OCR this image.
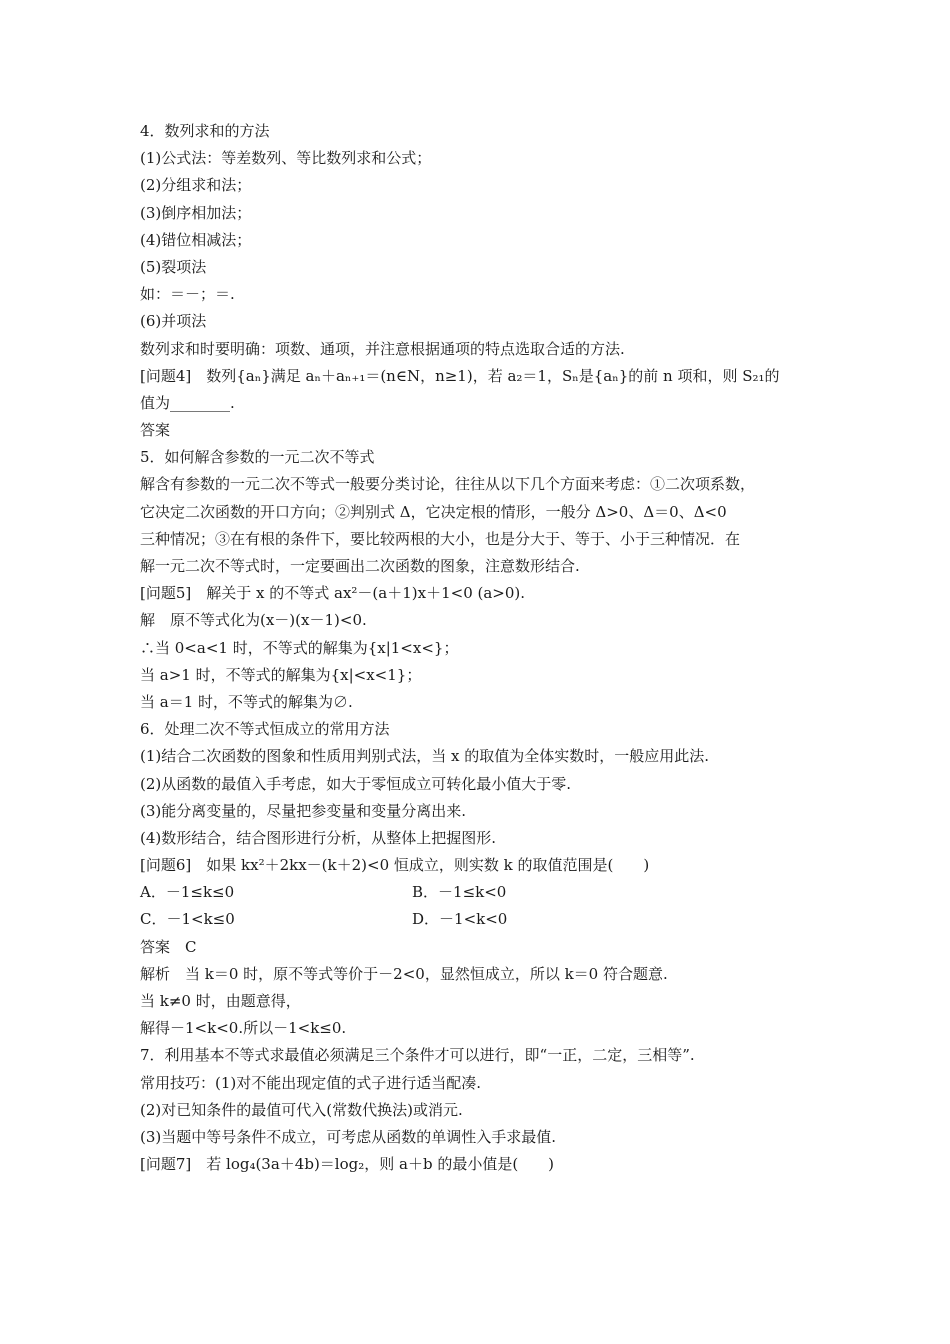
4．数列求和的方法
(1)公式法：等差数列、等比数列求和公式；
(2)分组求和法；
(3)倒序相加法；
(4)错位相减法；
(5)裂项法
如：＝－；＝.
(6)并项法
数列求和时要明确：项数、通项，并注意根据通项的特点选取合适的方法.
[问题4]　数列{aₙ}满足 aₙ＋aₙ₊₁＝(n∈N，n≥1)，若 a₂＝1，Sₙ是{aₙ}的前 n 项和，则 S₂₁的
值为________.
答案
5．如何解含参数的一元二次不等式
解含有参数的一元二次不等式一般要分类讨论，往往从以下几个方面来考虑：①二次项系数，
它决定二次函数的开口方向；②判别式 Δ，它决定根的情形，一般分 Δ>0、Δ＝0、Δ<0
三种情况；③在有根的条件下，要比较两根的大小，也是分大于、等于、小于三种情况．在
解一元二次不等式时，一定要画出二次函数的图象，注意数形结合.
[问题5]　解关于 x 的不等式 ax²－(a＋1)x＋1<0 (a>0).
解　原不等式化为(x－)(x－1)<0.
∴当 0<a<1 时，不等式的解集为{x|1<x<}；
当 a>1 时，不等式的解集为{x|<x<1}；
当 a＝1 时，不等式的解集为∅.
6．处理二次不等式恒成立的常用方法
(1)结合二次函数的图象和性质用判别式法，当 x 的取值为全体实数时，一般应用此法.
(2)从函数的最值入手考虑，如大于零恒成立可转化最小值大于零.
(3)能分离变量的，尽量把参变量和变量分离出来.
(4)数形结合，结合图形进行分析，从整体上把握图形.
[问题6]　如果 kx²＋2kx－(k＋2)<0 恒成立，则实数 k 的取值范围是(　　)
A．－1≤k≤0	B．－1≤k<0
C．－1<k≤0	D．－1<k<0
答案　C
解析　当 k＝0 时，原不等式等价于－2<0，显然恒成立，所以 k＝0 符合题意.
当 k≠0 时，由题意得，
解得－1<k<0.所以－1<k≤0.
7．利用基本不等式求最值必须满足三个条件才可以进行，即“一正，二定，三相等”.
常用技巧：(1)对不能出现定值的式子进行适当配凑.
(2)对已知条件的最值可代入(常数代换法)或消元.
(3)当题中等号条件不成立，可考虑从函数的单调性入手求最值.
[问题7]　若 log₄(3a＋4b)＝log₂，则 a＋b 的最小值是(　　)
